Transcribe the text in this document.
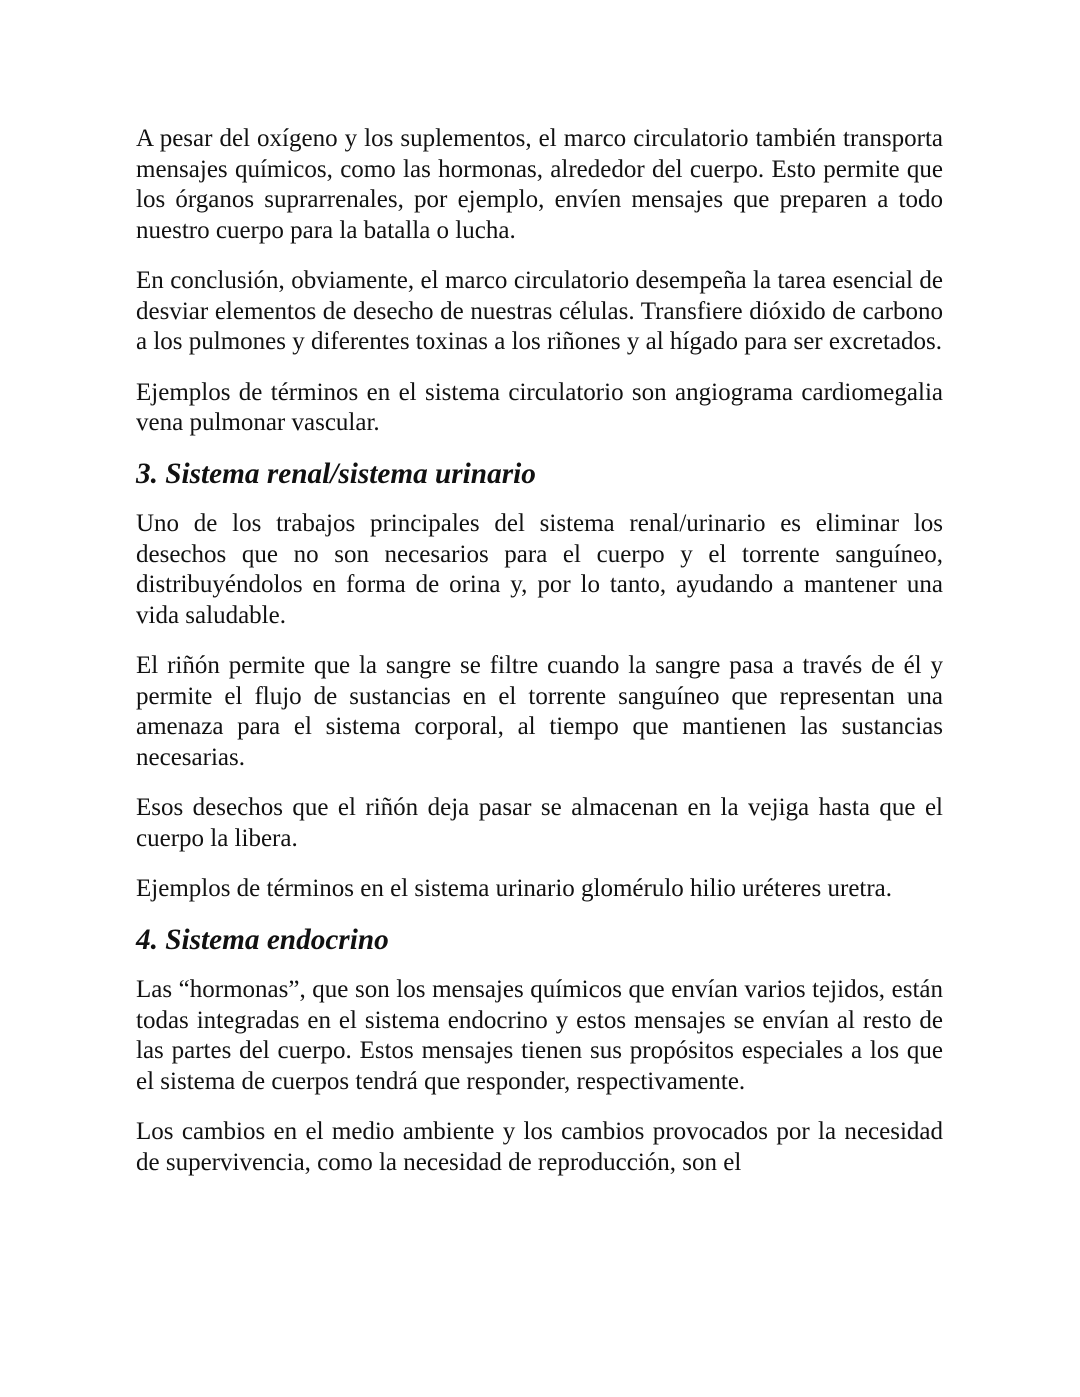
A pesar del oxígeno y los suplementos, el marco circulatorio también transporta mensajes químicos, como las hormonas, alrededor del cuerpo. Esto permite que los órganos suprarrenales, por ejemplo, envíen mensajes que preparen a todo nuestro cuerpo para la batalla o lucha.

En conclusión, obviamente, el marco circulatorio desempeña la tarea esencial de desviar elementos de desecho de nuestras células. Transfiere dióxido de carbono a los pulmones y diferentes toxinas a los riñones y al hígado para ser excretados.

Ejemplos de términos en el sistema circulatorio son angiograma cardiomegalia vena pulmonar vascular.

3. Sistema renal/sistema urinario

Uno de los trabajos principales del sistema renal/urinario es eliminar los desechos que no son necesarios para el cuerpo y el torrente sanguíneo, distribuyéndolos en forma de orina y, por lo tanto, ayudando a mantener una vida saludable.

El riñón permite que la sangre se filtre cuando la sangre pasa a través de él y permite el flujo de sustancias en el torrente sanguíneo que representan una amenaza para el sistema corporal, al tiempo que mantienen las sustancias necesarias.

Esos desechos que el riñón deja pasar se almacenan en la vejiga hasta que el cuerpo la libera.

Ejemplos de términos en el sistema urinario glomérulo hilio uréteres uretra.

4. Sistema endocrino

Las “hormonas”, que son los mensajes químicos que envían varios tejidos, están todas integradas en el sistema endocrino y estos mensajes se envían al resto de las partes del cuerpo. Estos mensajes tienen sus propósitos especiales a los que el sistema de cuerpos tendrá que responder, respectivamente.

Los cambios en el medio ambiente y los cambios provocados por la necesidad de supervivencia, como la necesidad de reproducción, son el
